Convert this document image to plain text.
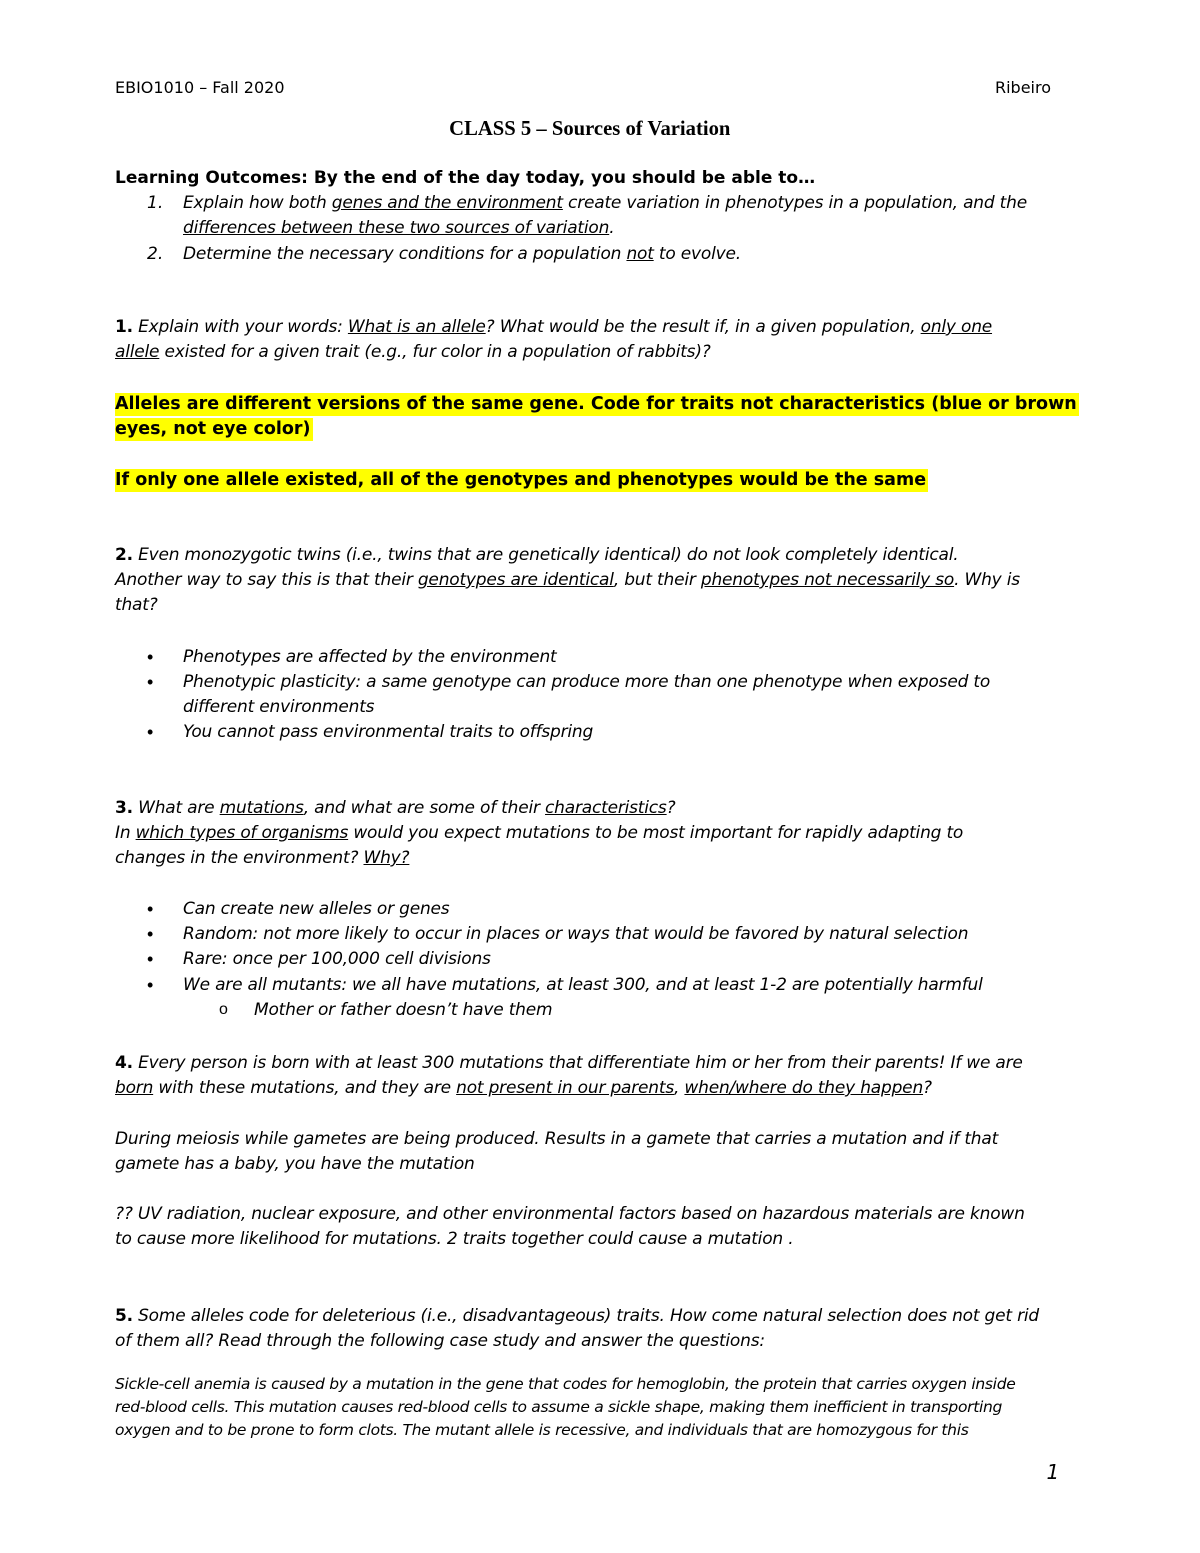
EBIO1010 – Fall 2020	Ribeiro
CLASS 5 – Sources of Variation
Learning Outcomes: By the end of the day today, you should be able to…
1. Explain how both genes and the environment create variation in phenotypes in a population, and the
differences between these two sources of variation.
2. Determine the necessary conditions for a population not to evolve.
1. Explain with your words: What is an allele? What would be the result if, in a given population, only one
allele existed for a given trait (e.g., fur color in a population of rabbits)?
Alleles are different versions of the same gene. Code for traits not characteristics (blue or brown
eyes, not eye color)
If only one allele existed, all of the genotypes and phenotypes would be the same
2. Even monozygotic twins (i.e., twins that are genetically identical) do not look completely identical.
Another way to say this is that their genotypes are identical, but their phenotypes not necessarily so. Why is
that?
• Phenotypes are affected by the environment
• Phenotypic plasticity: a same genotype can produce more than one phenotype when exposed to
different environments
• You cannot pass environmental traits to offspring
3. What are mutations, and what are some of their characteristics?
In which types of organisms would you expect mutations to be most important for rapidly adapting to
changes in the environment? Why?
• Can create new alleles or genes
• Random: not more likely to occur in places or ways that would be favored by natural selection
• Rare: once per 100,000 cell divisions
• We are all mutants: we all have mutations, at least 300, and at least 1-2 are potentially harmful
o Mother or father doesn’t have them
4. Every person is born with at least 300 mutations that differentiate him or her from their parents! If we are
born with these mutations, and they are not present in our parents, when/where do they happen?
During meiosis while gametes are being produced. Results in a gamete that carries a mutation and if that
gamete has a baby, you have the mutation
?? UV radiation, nuclear exposure, and other environmental factors based on hazardous materials are known
to cause more likelihood for mutations. 2 traits together could cause a mutation .
5. Some alleles code for deleterious (i.e., disadvantageous) traits. How come natural selection does not get rid
of them all? Read through the following case study and answer the questions:
Sickle-cell anemia is caused by a mutation in the gene that codes for hemoglobin, the protein that carries oxygen inside
red-blood cells. This mutation causes red-blood cells to assume a sickle shape, making them inefficient in transporting
oxygen and to be prone to form clots. The mutant allele is recessive, and individuals that are homozygous for this
1
